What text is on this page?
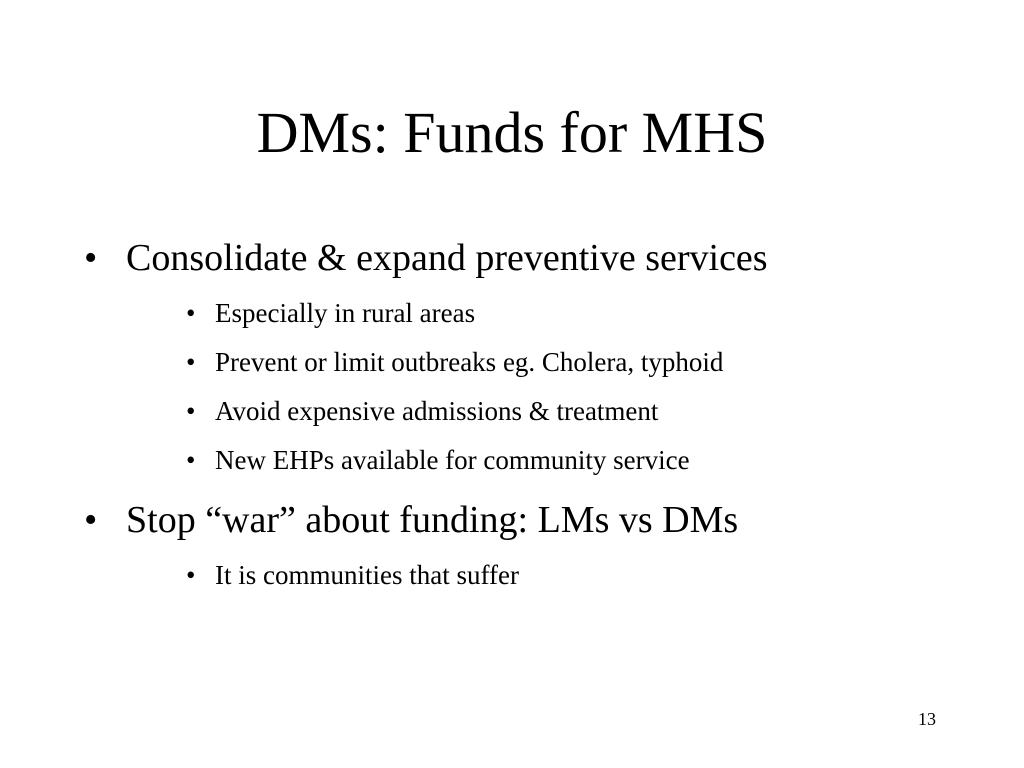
DMs: Funds for MHS
• Consolidate & expand preventive services
• Especially in rural areas
• Prevent or limit outbreaks eg. Cholera, typhoid
• Avoid expensive admissions & treatment
• New EHPs available for community service
• Stop “war” about funding: LMs vs DMs
• It is communities that suffer
13
